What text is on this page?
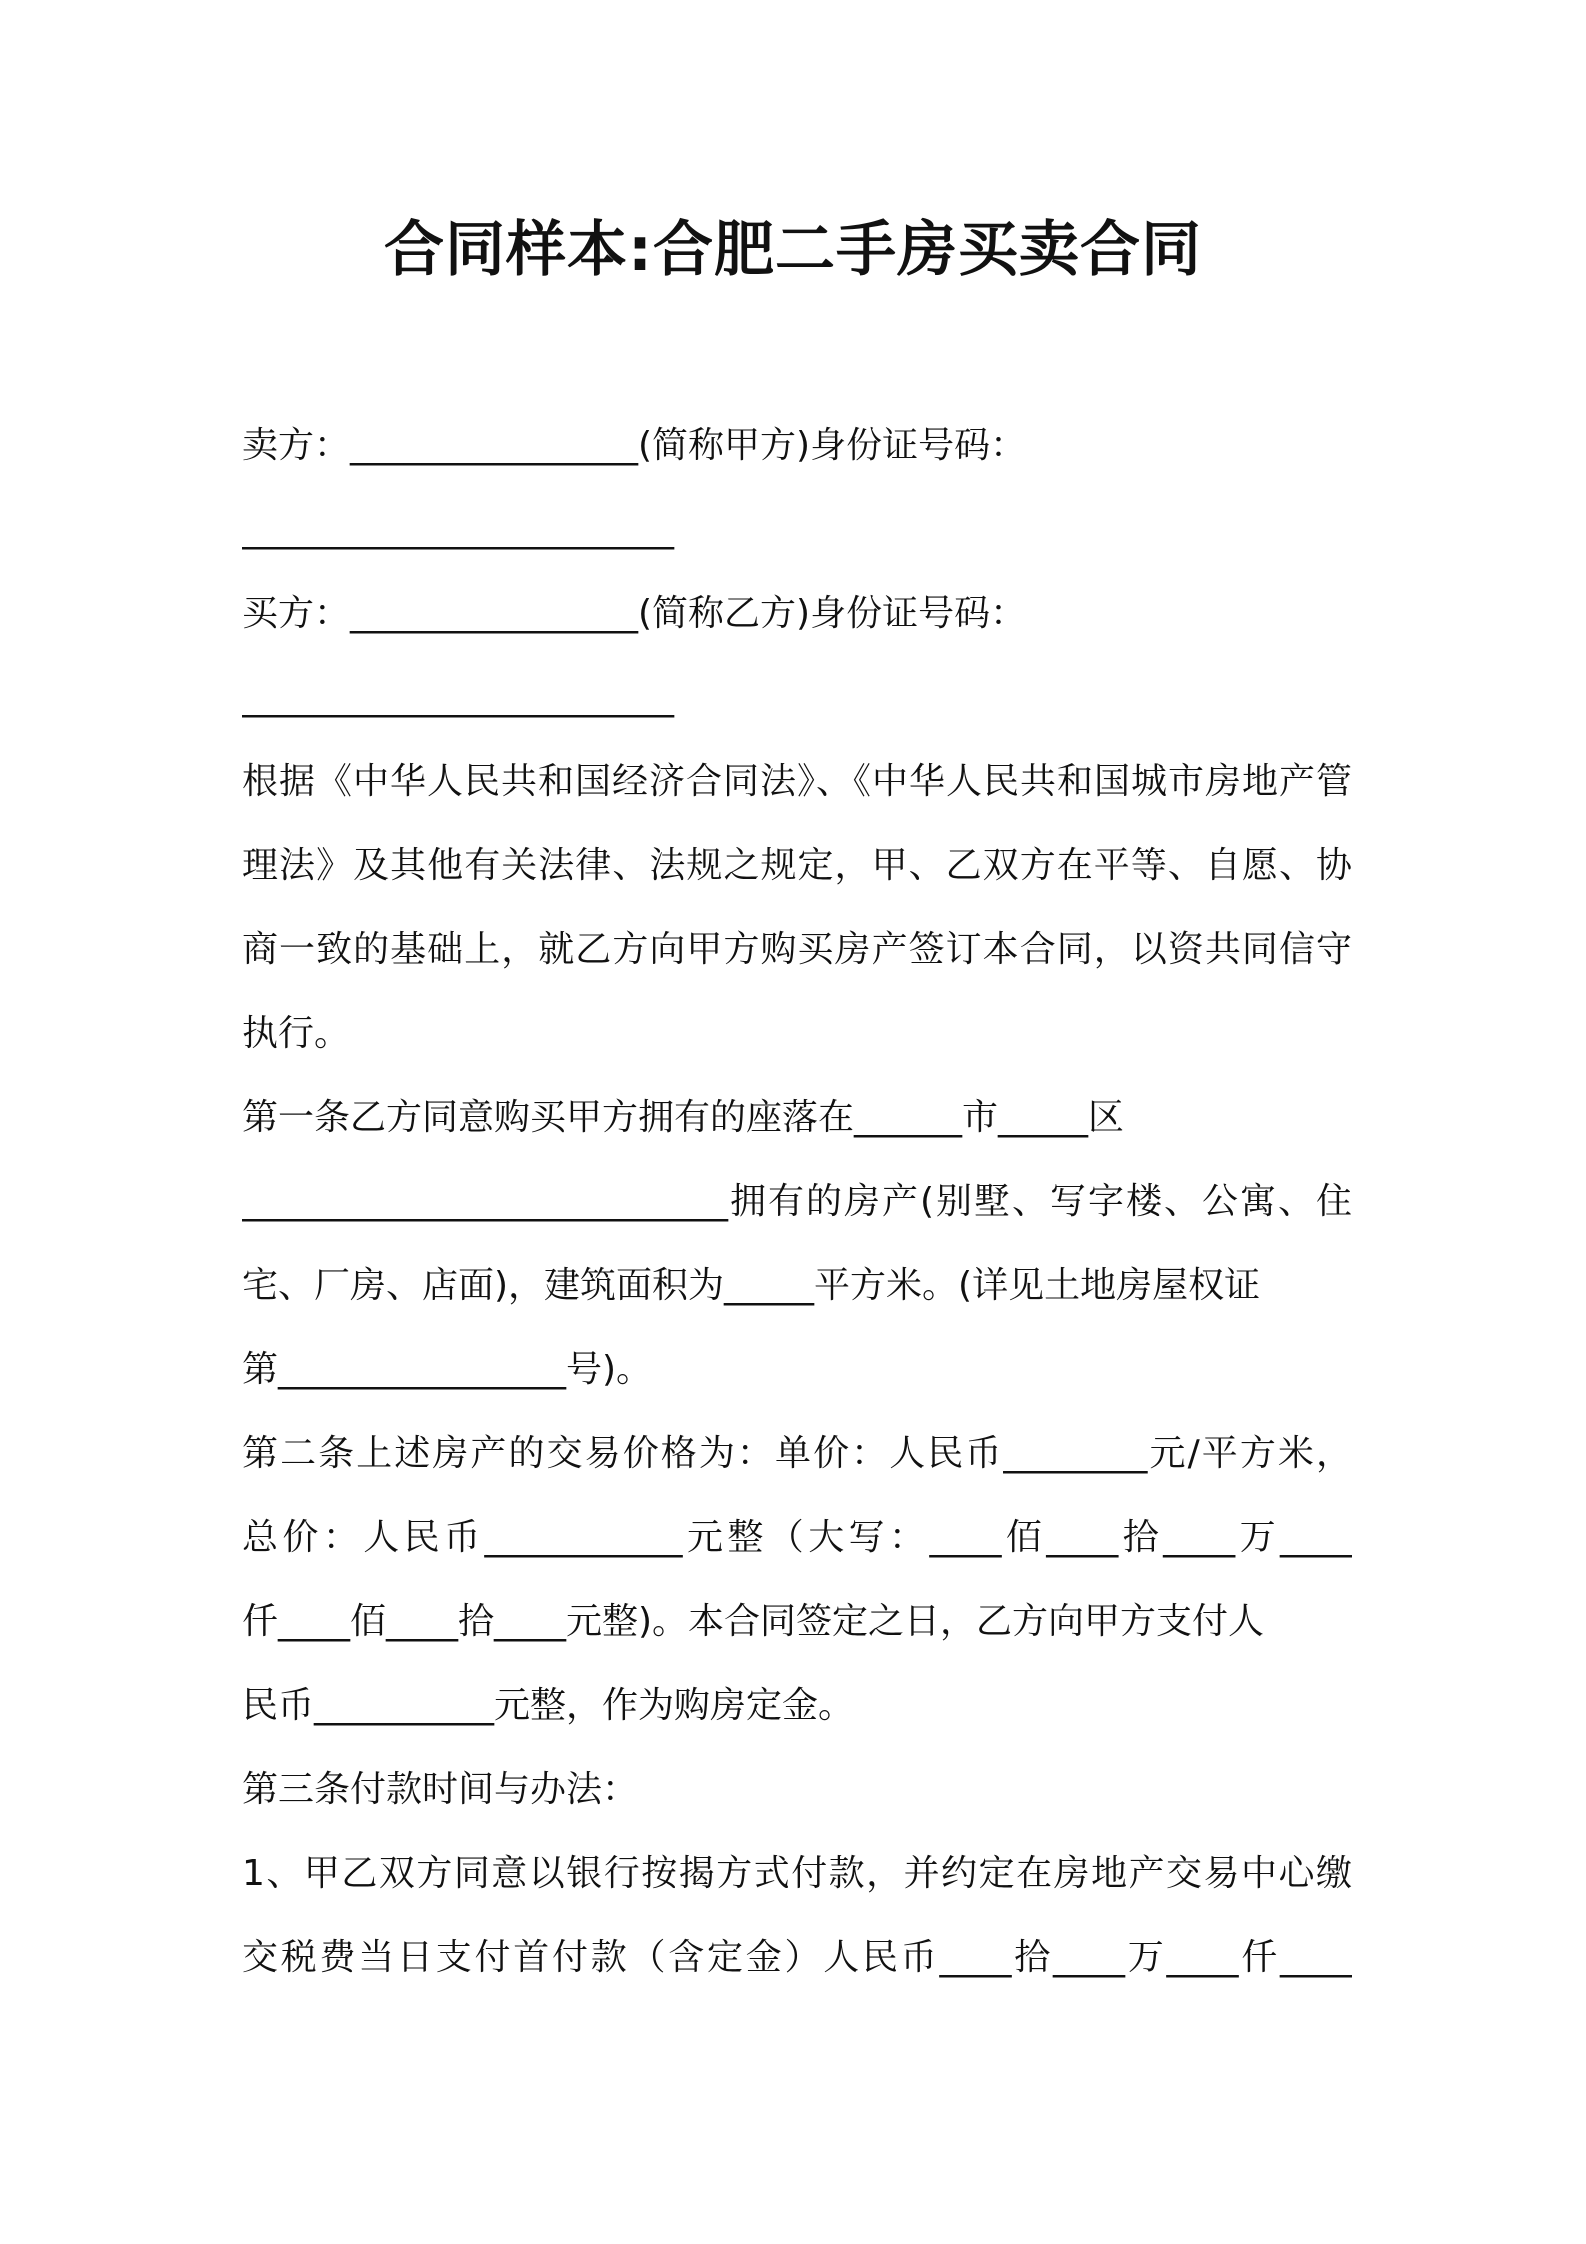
合同样本:合肥二手房买卖合同
卖方：________________(简称甲方)身份证号码：
________________________
买方：________________(简称乙方)身份证号码：
________________________
根据《中华人民共和国经济合同法》、《中华人民共和国城市房地产管
理法》及其他有关法律、法规之规定，甲、乙双方在平等、自愿、协
商一致的基础上，就乙方向甲方购买房产签订本合同，以资共同信守
执行。
第一条乙方同意购买甲方拥有的座落在______市_____区
___________________________拥有的房产(别墅、写字楼、公寓、住
宅、厂房、店面)，建筑面积为_____平方米。(详见土地房屋权证
第________________号)。
第二条上述房产的交易价格为：单价：人民币________元/平方米，
总价：人民币___________元整（大写：____佰____拾____万____
仟____佰____拾____元整)。本合同签定之日，乙方向甲方支付人
民币__________元整，作为购房定金。
第三条付款时间与办法：
1、甲乙双方同意以银行按揭方式付款，并约定在房地产交易中心缴
交税费当日支付首付款（含定金）人民币____拾____万____仟____
